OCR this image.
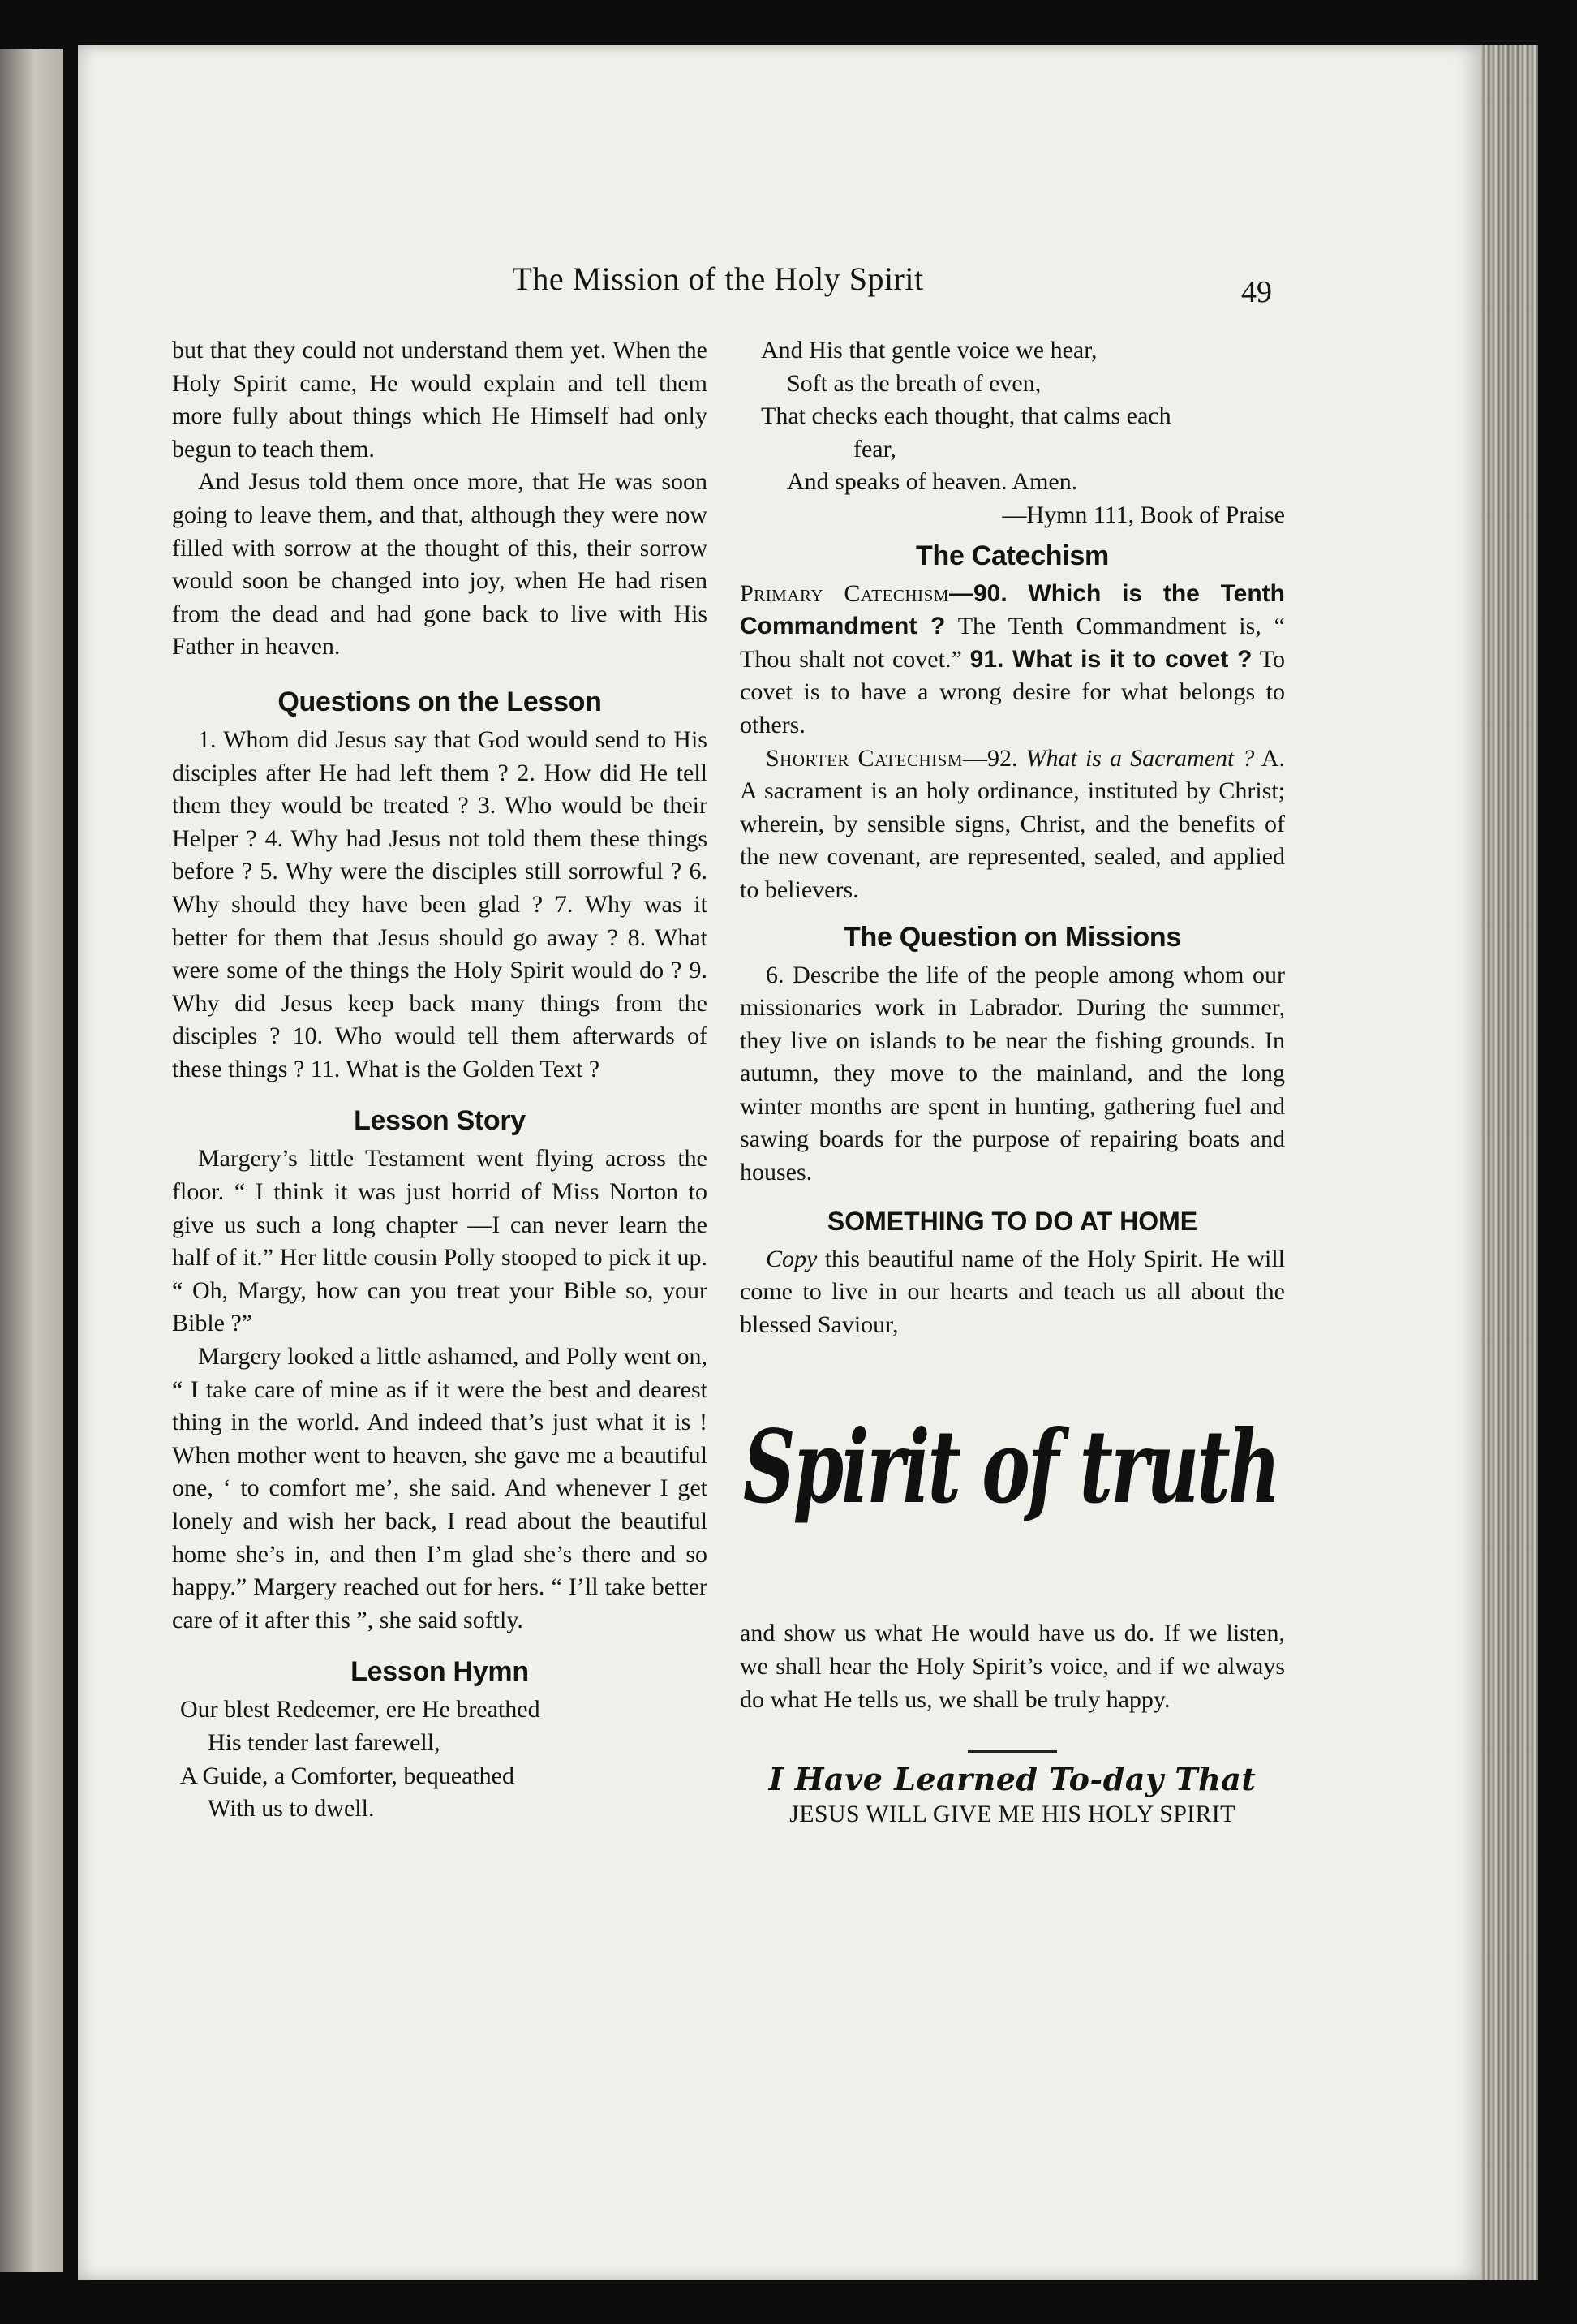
The Mission of the Holy Spirit	49

but that they could not understand them yet. When the Holy Spirit came, He would explain and tell them more fully about things which He Himself had only begun to teach them.

And Jesus told them once more, that He was soon going to leave them, and that, although they were now filled with sorrow at the thought of this, their sorrow would soon be changed into joy, when He had risen from the dead and had gone back to live with His Father in heaven.

Questions on the Lesson

1. Whom did Jesus say that God would send to His disciples after He had left them ? 2. How did He tell them they would be treated ? 3. Who would be their Helper ? 4. Why had Jesus not told them these things before ? 5. Why were the disciples still sorrowful ? 6. Why should they have been glad ? 7. Why was it better for them that Jesus should go away ? 8. What were some of the things the Holy Spirit would do ? 9. Why did Jesus keep back many things from the disciples ? 10. Who would tell them afterwards of these things ? 11. What is the Golden Text ?

Lesson Story

Margery’s little Testament went flying across the floor. “ I think it was just horrid of Miss Norton to give us such a long chapter —I can never learn the half of it.” Her little cousin Polly stooped to pick it up. “ Oh, Margy, how can you treat your Bible so, your Bible ?”

Margery looked a little ashamed, and Polly went on, “ I take care of mine as if it were the best and dearest thing in the world. And indeed that’s just what it is ! When mother went to heaven, she gave me a beautiful one, ‘ to comfort me’, she said. And whenever I get lonely and wish her back, I read about the beautiful home she’s in, and then I’m glad she’s there and so happy.” Margery reached out for hers. “ I’ll take better care of it after this ”, she said softly.

Lesson Hymn
Our blest Redeemer, ere He breathed
His tender last farewell,
A Guide, a Comforter, bequeathed
With us to dwell.
And His that gentle voice we hear,
Soft as the breath of even,
That checks each thought, that calms each
fear,
And speaks of heaven. Amen.
—Hymn 111, Book of Praise
The Catechism

Primary Catechism—90. Which is the Tenth Commandment ? The Tenth Commandment is, “ Thou shalt not covet.” 91. What is it to covet ? To covet is to have a wrong desire for what belongs to others.

Shorter Catechism—92. What is a Sacrament ? A. A sacrament is an holy ordinance, instituted by Christ; wherein, by sensible signs, Christ, and the benefits of the new covenant, are represented, sealed, and applied to believers.

The Question on Missions

6. Describe the life of the people among whom our missionaries work in Labrador. During the summer, they live on islands to be near the fishing grounds. In autumn, they move to the mainland, and the long winter months are spent in hunting, gathering fuel and sawing boards for the purpose of repairing boats and houses.

SOMETHING TO DO AT HOME

Copy this beautiful name of the Holy Spirit. He will come to live in our hearts and teach us all about the blessed Saviour,

Spirit of truth

and show us what He would have us do. If we listen, we shall hear the Holy Spirit’s voice, and if we always do what He tells us, we shall be truly happy.

I Have Learned To-day That
JESUS WILL GIVE ME HIS HOLY SPIRIT
